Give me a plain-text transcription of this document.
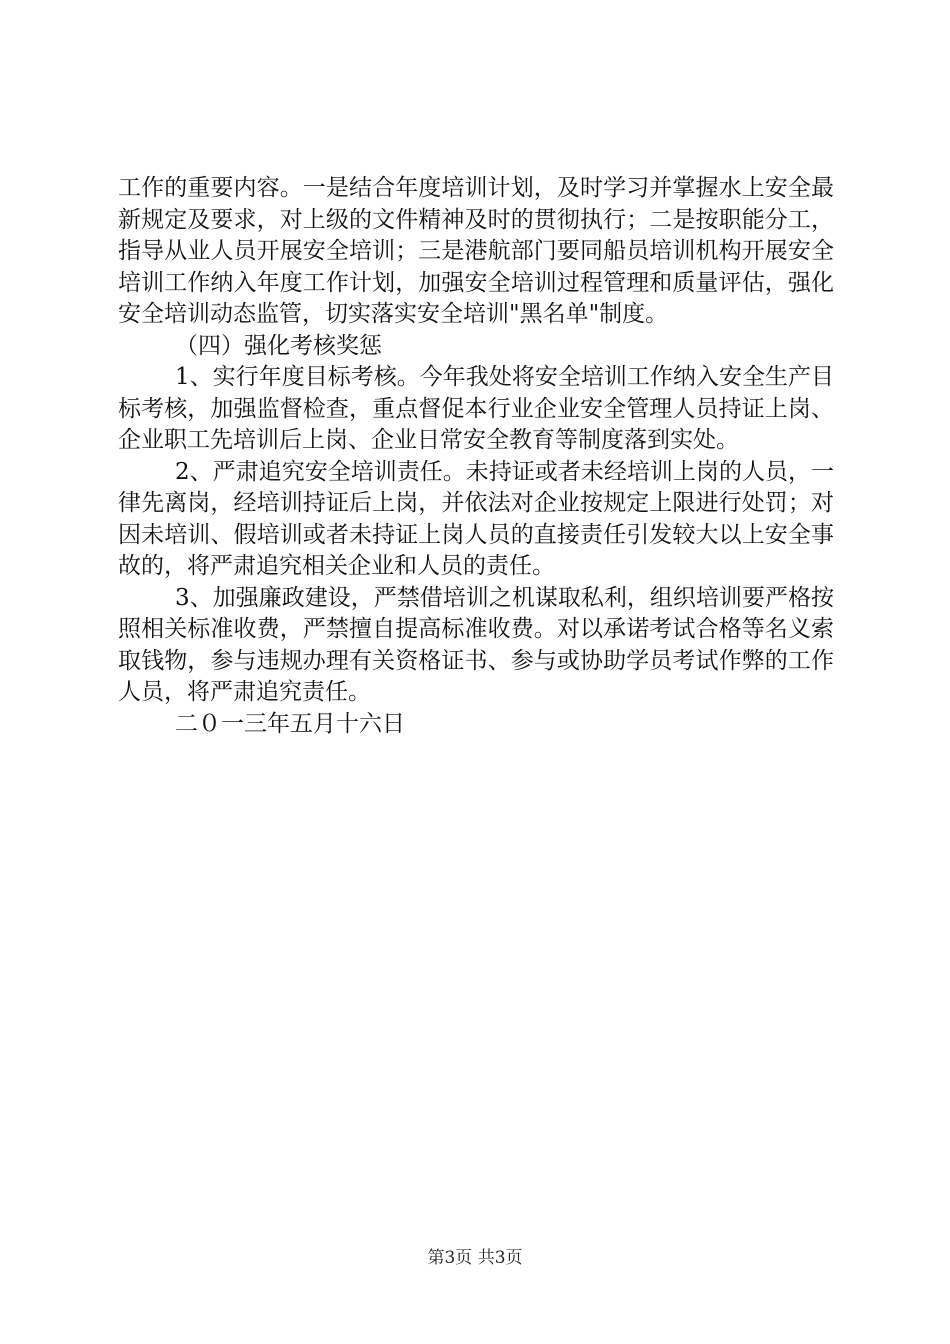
工作的重要内容。一是结合年度培训计划，及时学习并掌握水上安全最新规定及要求，对上级的文件精神及时的贯彻执行；二是按职能分工，指导从业人员开展安全培训；三是港航部门要同船员培训机构开展安全培训工作纳入年度工作计划，加强安全培训过程管理和质量评估，强化安全培训动态监管，切实落实安全培训"黑名单"制度。

（四）强化考核奖惩

1、实行年度目标考核。今年我处将安全培训工作纳入安全生产目标考核，加强监督检查，重点督促本行业企业安全管理人员持证上岗、企业职工先培训后上岗、企业日常安全教育等制度落到实处。

2、严肃追究安全培训责任。未持证或者未经培训上岗的人员，一律先离岗，经培训持证后上岗，并依法对企业按规定上限进行处罚；对因未培训、假培训或者未持证上岗人员的直接责任引发较大以上安全事故的，将严肃追究相关企业和人员的责任。

3、加强廉政建设，严禁借培训之机谋取私利，组织培训要严格按照相关标准收费，严禁擅自提高标准收费。对以承诺考试合格等名义索取钱物，参与违规办理有关资格证书、参与或协助学员考试作弊的工作人员，将严肃追究责任。

二０一三年五月十六日

第3页 共3页
